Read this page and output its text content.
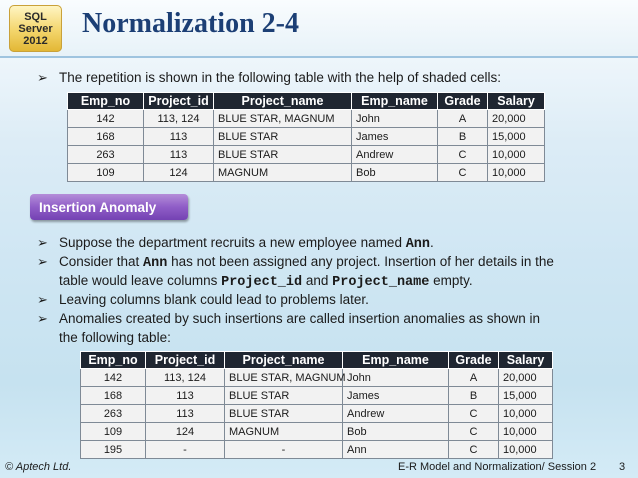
SQL
Server
2012
Normalization 2-4
➢ The repetition is shown in the following table with the help of shaded cells:
Emp_no	Project_id	Project_name	Emp_name	Grade	Salary
142	113, 124	BLUE STAR, MAGNUM	John	A	20,000
168	113	BLUE STAR	James	B	15,000
263	113	BLUE STAR	Andrew	C	10,000
109	124	MAGNUM	Bob	C	10,000
Insertion Anomaly
➢ Suppose the department recruits a new employee named Ann.
➢ Consider that Ann has not been assigned any project. Insertion of her details in the
table would leave columns Project_id and Project_name empty.
➢ Leaving columns blank could lead to problems later.
➢ Anomalies created by such insertions are called insertion anomalies as shown in
the following table:
Emp_no	Project_id	Project_name	Emp_name	Grade	Salary
142	113, 124	BLUE STAR, MAGNUM	John	A	20,000
168	113	BLUE STAR	James	B	15,000
263	113	BLUE STAR	Andrew	C	10,000
109	124	MAGNUM	Bob	C	10,000
195	-	-	Ann	C	10,000
© Aptech Ltd.	E-R Model and Normalization/ Session 2 3
